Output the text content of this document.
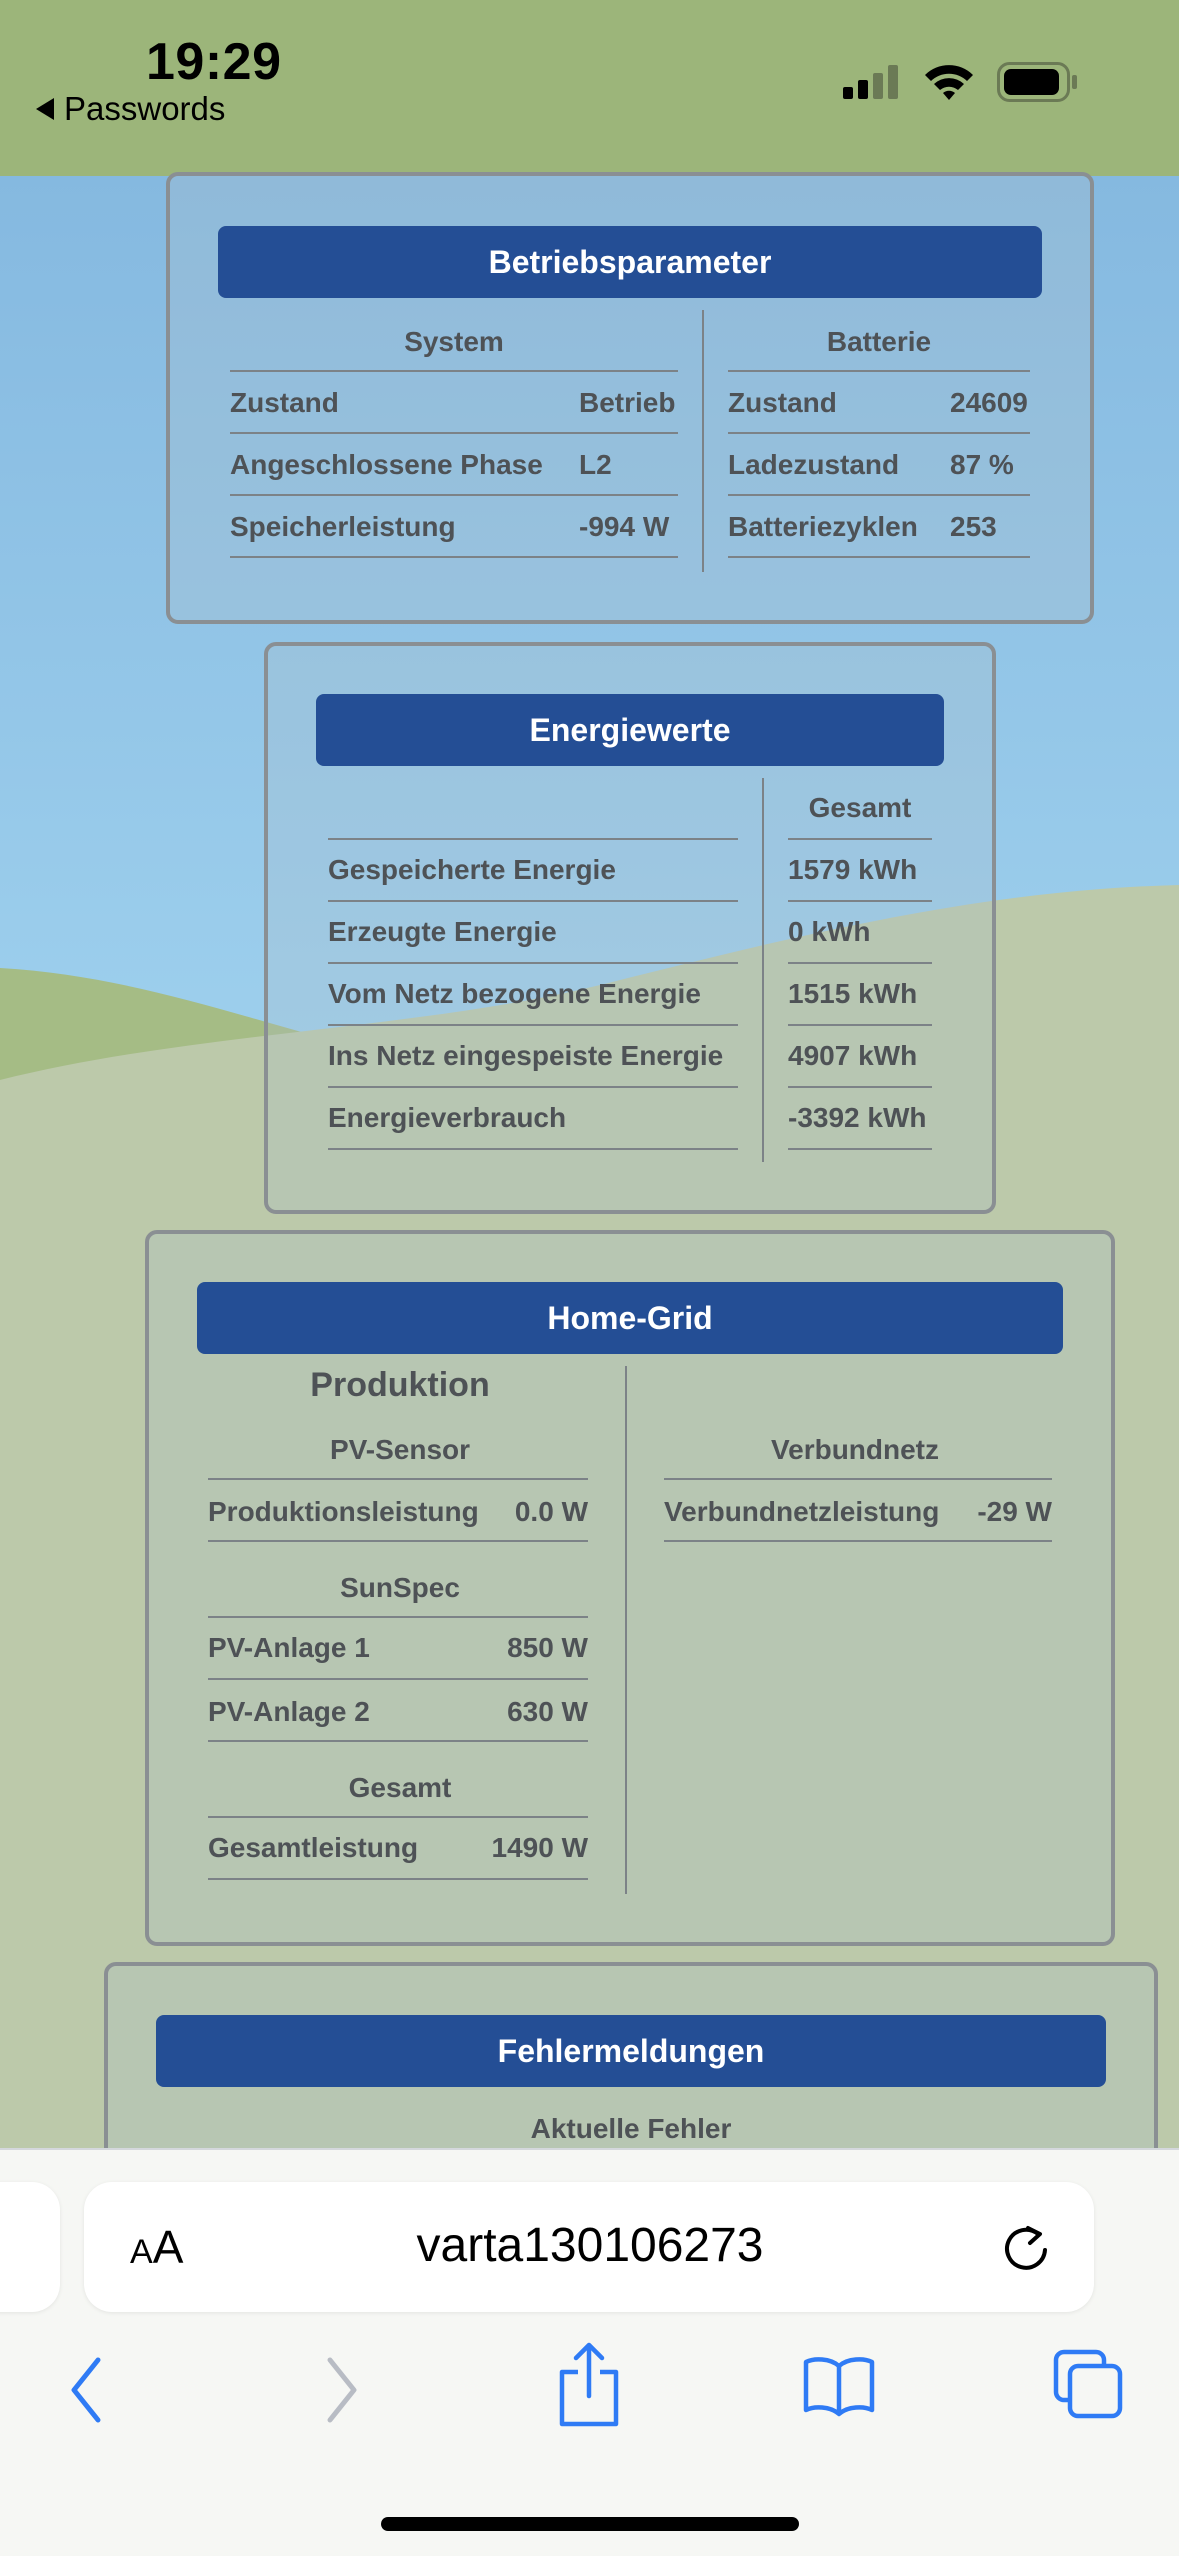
19:29
Passwords
Betriebsparameter
System
Zustand	Betrieb
Angeschlossene Phase L2
Speicherleistung	-994 W
Batterie
Zustand	24609
Ladezustand 87 %
Batteriezyklen 253
Energiewerte
Gesamt
Gespeicherte Energie	1579 kWh
Erzeugte Energie	0 kWh
Vom Netz bezogene Energie	1515 kWh
Ins Netz eingespeiste Energie 4907 kWh
Energieverbrauch	-3392 kWh
Home-Grid
Produktion
PV-Sensor
Produktionsleistung	0.0 W
SunSpec
PV-Anlage 1	850 W
PV-Anlage 2	630 W
Gesamt
Gesamtleistung	1490 W
Verbundnetz
Verbundnetzleistung	-29 W
Fehlermeldungen
Aktuelle Fehler
AA	varta130106273
